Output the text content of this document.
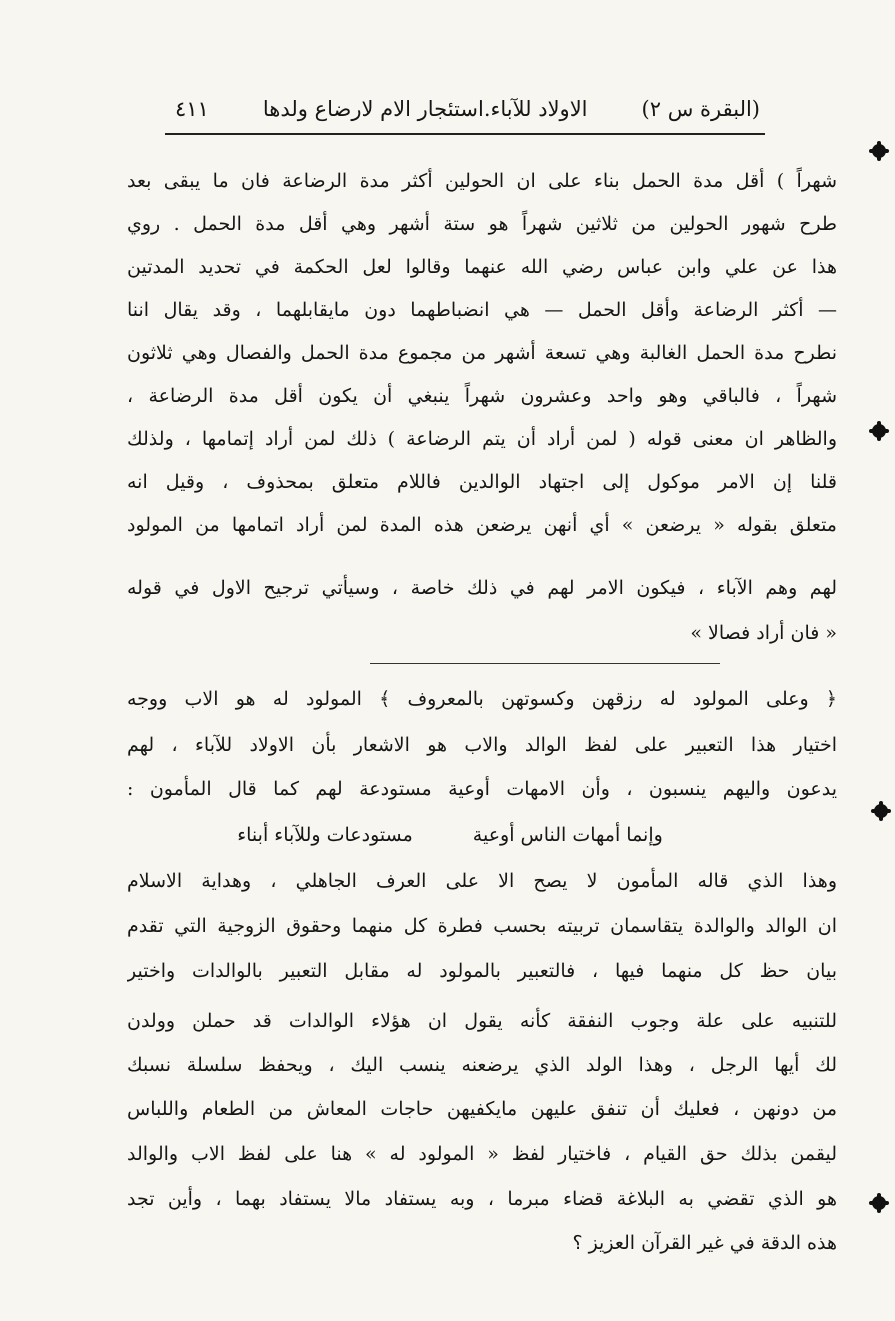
(البقرة س ٢)
الاولاد للآباء.استئجار الام لارضاع ولدها
٤١١
شهراً ) أقل مدة الحمل بناء على ان الحولين أكثر مدة الرضاعة فان ما يبقى بعد
طرح شهور الحولين من ثلاثين شهراً هو ستة أشهر وهي أقل مدة الحمل . روي
هذا عن علي وابن عباس رضي الله عنهما وقالوا لعل الحكمة في تحديد المدتين
— أكثر الرضاعة وأقل الحمل — هي انضباطهما دون مايقابلهما ، وقد يقال اننا
نطرح مدة الحمل الغالبة وهي تسعة أشهر من مجموع مدة الحمل والفصال وهي ثلاثون
شهراً ، فالباقي وهو واحد وعشرون شهراً ينبغي أن يكون أقل مدة الرضاعة ،
والظاهر ان معنى قوله ( لمن أراد أن يتم الرضاعة ) ذلك لمن أراد إتمامها ، ولذلك
قلنا إن الامر موكول إلى اجتهاد الوالدين فاللام متعلق بمحذوف ، وقيل انه
متعلق بقوله « يرضعن » أي أنهن يرضعن هذه المدة لمن أراد اتمامها من المولود
لهم وهم الآباء ، فيكون الامر لهم في ذلك خاصة ، وسيأتي ترجيح الاول في قوله
« فان أراد فصالا »
﴿ وعلى المولود له رزقهن وكسوتهن بالمعروف ﴾ المولود له هو الاب ووجه
اختيار هذا التعبير على لفظ الوالد والاب هو الاشعار بأن الاولاد للآباء ، لهم
يدعون واليهم ينسبون ، وأن الامهات أوعية مستودعة لهم كما قال المأمون :
وإنما أمهات الناس أوعية
مستودعات وللآباء أبناء
وهذا الذي قاله المأمون لا يصح الا على العرف الجاهلي ، وهداية الاسلام
ان الوالد والوالدة يتقاسمان تربيته بحسب فطرة كل منهما وحقوق الزوجية التي تقدم
بيان حظ كل منهما فيها ، فالتعبير بالمولود له مقابل التعبير بالوالدات واختير
للتنبيه على علة وجوب النفقة كأنه يقول ان هؤلاء الوالدات قد حملن وولدن
لك أيها الرجل ، وهذا الولد الذي يرضعنه ينسب اليك ، ويحفظ سلسلة نسبك
من دونهن ، فعليك أن تنفق عليهن مايكفيهن حاجات المعاش من الطعام واللباس
ليقمن بذلك حق القيام ، فاختيار لفظ « المولود له » هنا على لفظ الاب والوالد
هو الذي تقضي به البلاغة قضاء مبرما ، وبه يستفاد مالا يستفاد بهما ، وأين تجد
هذه الدقة في غير القرآن العزيز ؟
